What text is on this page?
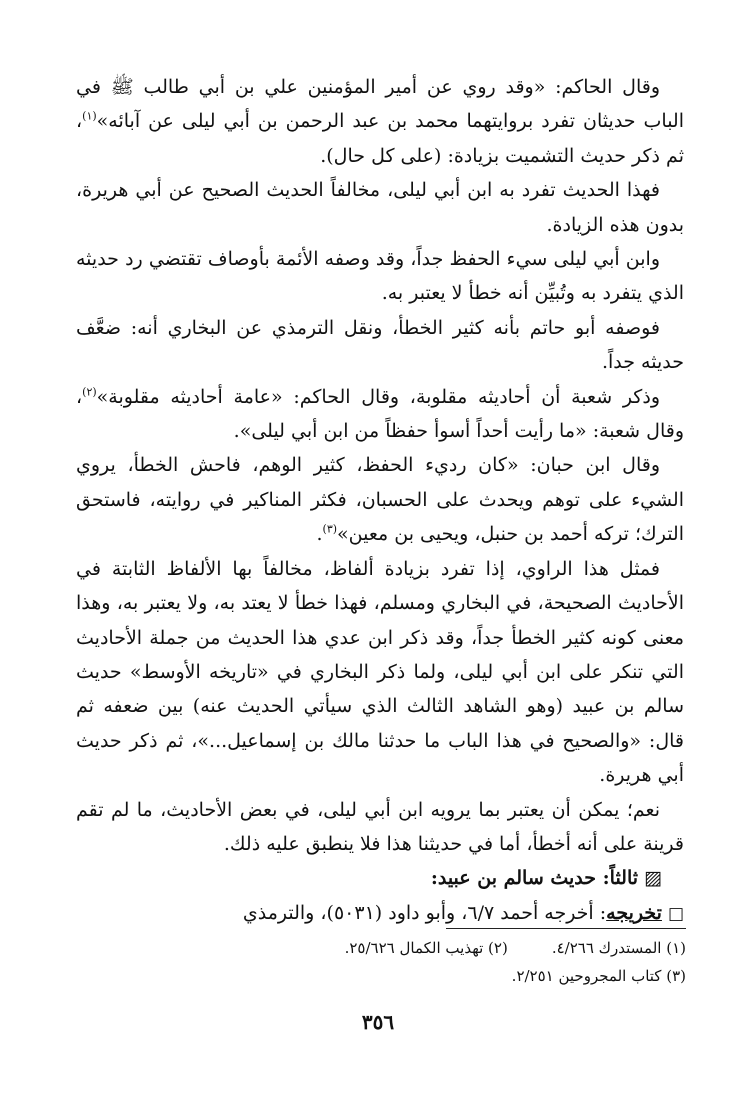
وقال الحاكم: «وقد روي عن أمير المؤمنين علي بن أبي طالب ﷺ في الباب حديثان تفرد بروايتهما محمد بن عبد الرحمن بن أبي ليلى عن آبائه»$^{(١)}$، ثم ذكر حديث التشميت بزيادة: (على كل حال).

فهذا الحديث تفرد به ابن أبي ليلى، مخالفاً الحديث الصحيح عن أبي هريرة، بدون هذه الزيادة.

وابن أبي ليلى سيء الحفظ جداً، وقد وصفه الأئمة بأوصاف تقتضي رد حديثه الذي يتفرد به وتُبيِّن أنه خطأ لا يعتبر به.

فوصفه أبو حاتم بأنه كثير الخطأ، ونقل الترمذي عن البخاري أنه: ضعَّف حديثه جداً.

وذكر شعبة أن أحاديثه مقلوبة، وقال الحاكم: «عامة أحاديثه مقلوبة»$^{(٢)}$، وقال شعبة: «ما رأيت أحداً أسوأ حفظاً من ابن أبي ليلى».

وقال ابن حبان: «كان رديء الحفظ، كثير الوهم، فاحش الخطأ، يروي الشيء على توهم ويحدث على الحسبان، فكثر المناكير في روايته، فاستحق الترك؛ تركه أحمد بن حنبل، ويحيى بن معين»$^{(٣)}$.

فمثل هذا الراوي، إذا تفرد بزيادة ألفاظ، مخالفاً بها الألفاظ الثابتة في الأحاديث الصحيحة، في البخاري ومسلم، فهذا خطأ لا يعتد به، ولا يعتبر به، وهذا معنى كونه كثير الخطأ جداً، وقد ذكر ابن عدي هذا الحديث من جملة الأحاديث التي تنكر على ابن أبي ليلى، ولما ذكر البخاري في «تاريخه الأوسط» حديث سالم بن عبيد (وهو الشاهد الثالث الذي سيأتي الحديث عنه) بين ضعفه ثم قال: «والصحيح في هذا الباب ما حدثنا مالك بن إسماعيل...»، ثم ذكر حديث أبي هريرة.

نعم؛ يمكن أن يعتبر بما يرويه ابن أبي ليلى، في بعض الأحاديث، ما لم تقم قرينة على أنه أخطأ، أما في حديثنا هذا فلا ينطبق عليه ذلك.

▨ثالثاً: حديث سالم بن عبيد:

□تخريجه: أخرجه أحمد ٦/٧، وأبو داود (٥٠٣١)، والترمذي

(١) المستدرك ٤/٢٦٦.
(٢) تهذيب الكمال ٢٥/٦٢٦.
(٣) كتاب المجروحين ٢/٢٥١.
٣٥٦
